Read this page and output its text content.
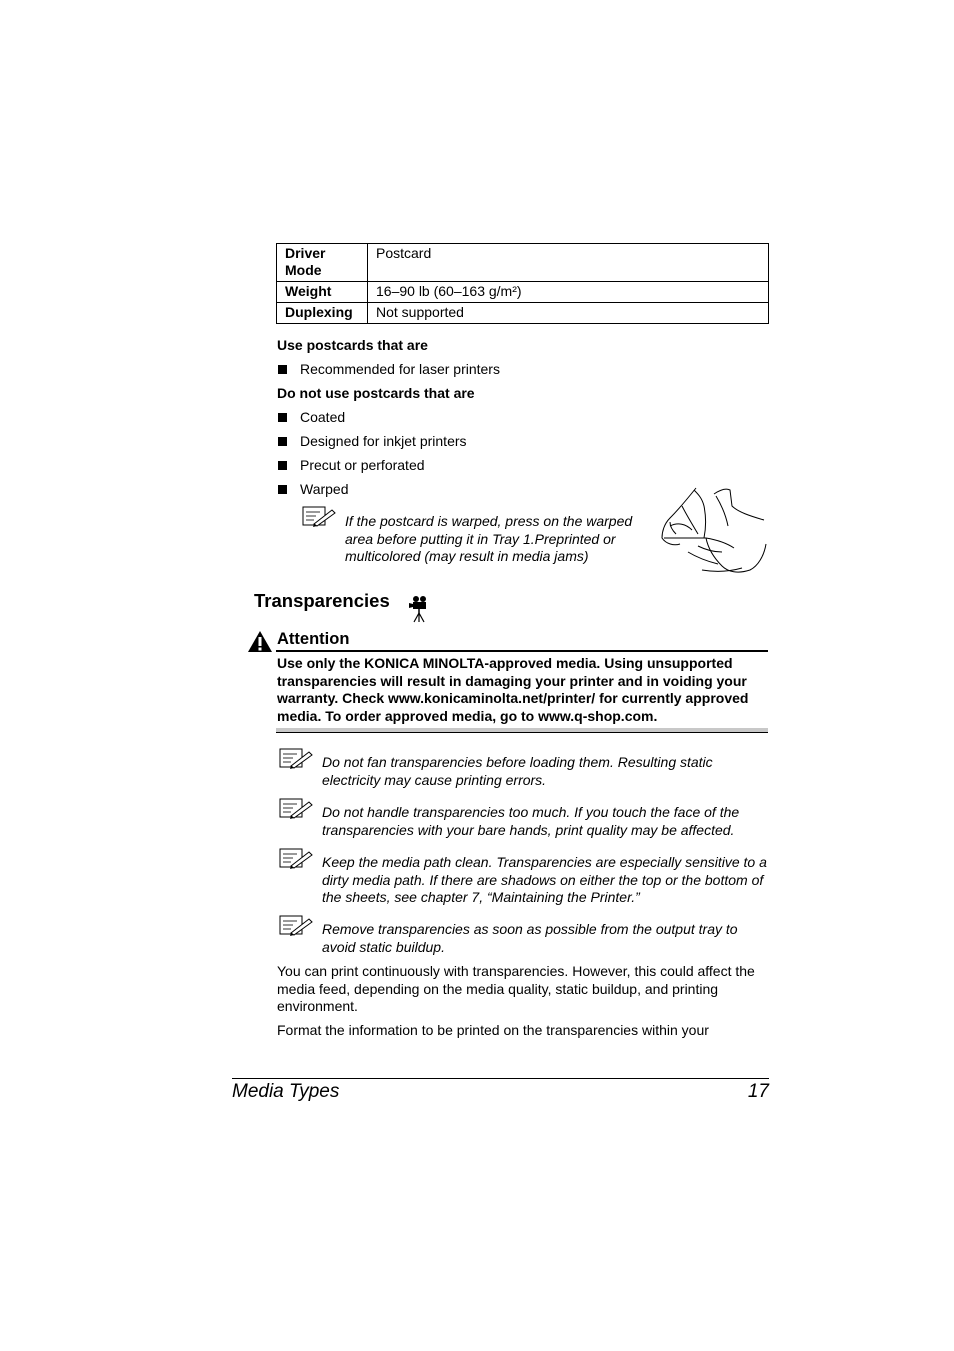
Driver Mode	Postcard
Weight	16–90 lb (60–163 g/m²)
Duplexing	Not supported
Use postcards that are
Recommended for laser printers
Do not use postcards that are
Coated
Designed for inkjet printers
Precut or perforated
Warped
If the postcard is warped, press on the warped area before putting it in Tray 1.Preprinted or multicolored (may result in media jams)
Transparencies
Attention
Use only the KONICA MINOLTA-approved media. Using unsupported transparencies will result in damaging your printer and in voiding your warranty. Check www.konicaminolta.net/printer/ for currently approved media. To order approved media, go to www.q-shop.com.
Do not fan transparencies before loading them. Resulting static electricity may cause printing errors.
Do not handle transparencies too much. If you touch the face of the transparencies with your bare hands, print quality may be affected.
Keep the media path clean. Transparencies are especially sensitive to a dirty media path. If there are shadows on either the top or the bottom of the sheets, see chapter 7, “Maintaining the Printer.”
Remove transparencies as soon as possible from the output tray to avoid static buildup.
You can print continuously with transparencies. However, this could affect the media feed, depending on the media quality, static buildup, and printing environment.
Format the information to be printed on the transparencies within your
Media Types	17
